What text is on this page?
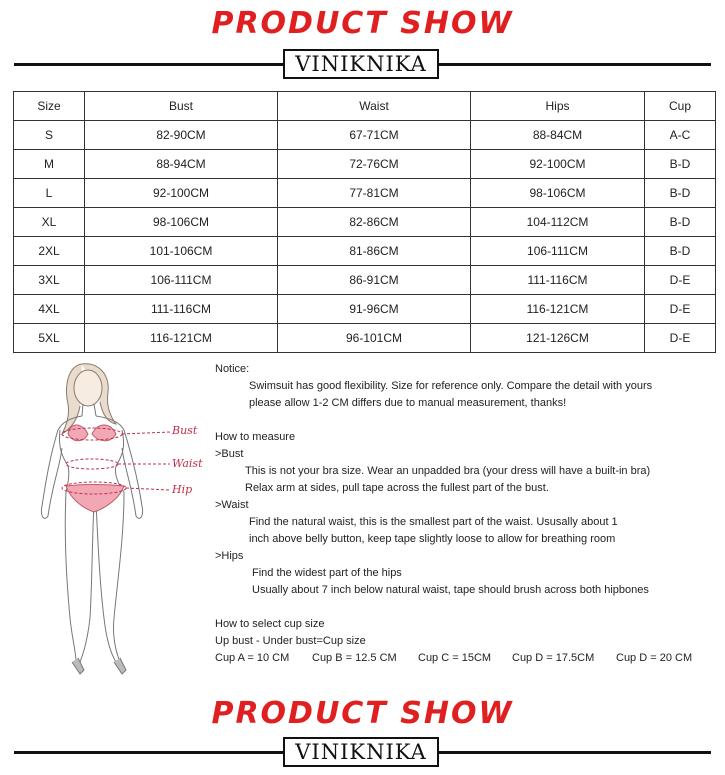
PRODUCT SHOW
VINIKNIKA
Size	Bust	Waist	Hips	Cup
S	82-90CM	67-71CM	88-84CM	A-C
M	88-94CM	72-76CM	92-100CM	B-D
L	92-100CM	77-81CM	98-106CM	B-D
XL	98-106CM	82-86CM	104-112CM	B-D
2XL	101-106CM	81-86CM	106-111CM	B-D
3XL	106-111CM	86-91CM	111-116CM	D-E
4XL	111-116CM	91-96CM	116-121CM	D-E
5XL	116-121CM	96-101CM	121-126CM	D-E
Bust
Waist
Hip
Notice:
Swimsuit has good flexibility. Size for reference only. Compare the detail with yours
please allow 1-2 CM differs due to manual measurement, thanks!
How to measure
>Bust
This is not your bra size. Wear an unpadded bra (your dress will have a built-in bra)
Relax arm at sides, pull tape across the fullest part of the bust.
>Waist
Find the natural waist, this is the smallest part of the waist. Ususally about 1
inch above belly button, keep tape slightly loose to allow for breathing room
>Hips
Find the widest part of the hips
Usually about 7 inch below natural waist, tape should brush across both hipbones
How to select cup size
Up bust - Under bust=Cup size
Cup A = 10 CM Cup B = 12.5 CM Cup C = 15CM Cup D = 17.5CM Cup D = 20 CM
PRODUCT SHOW
VINIKNIKA
